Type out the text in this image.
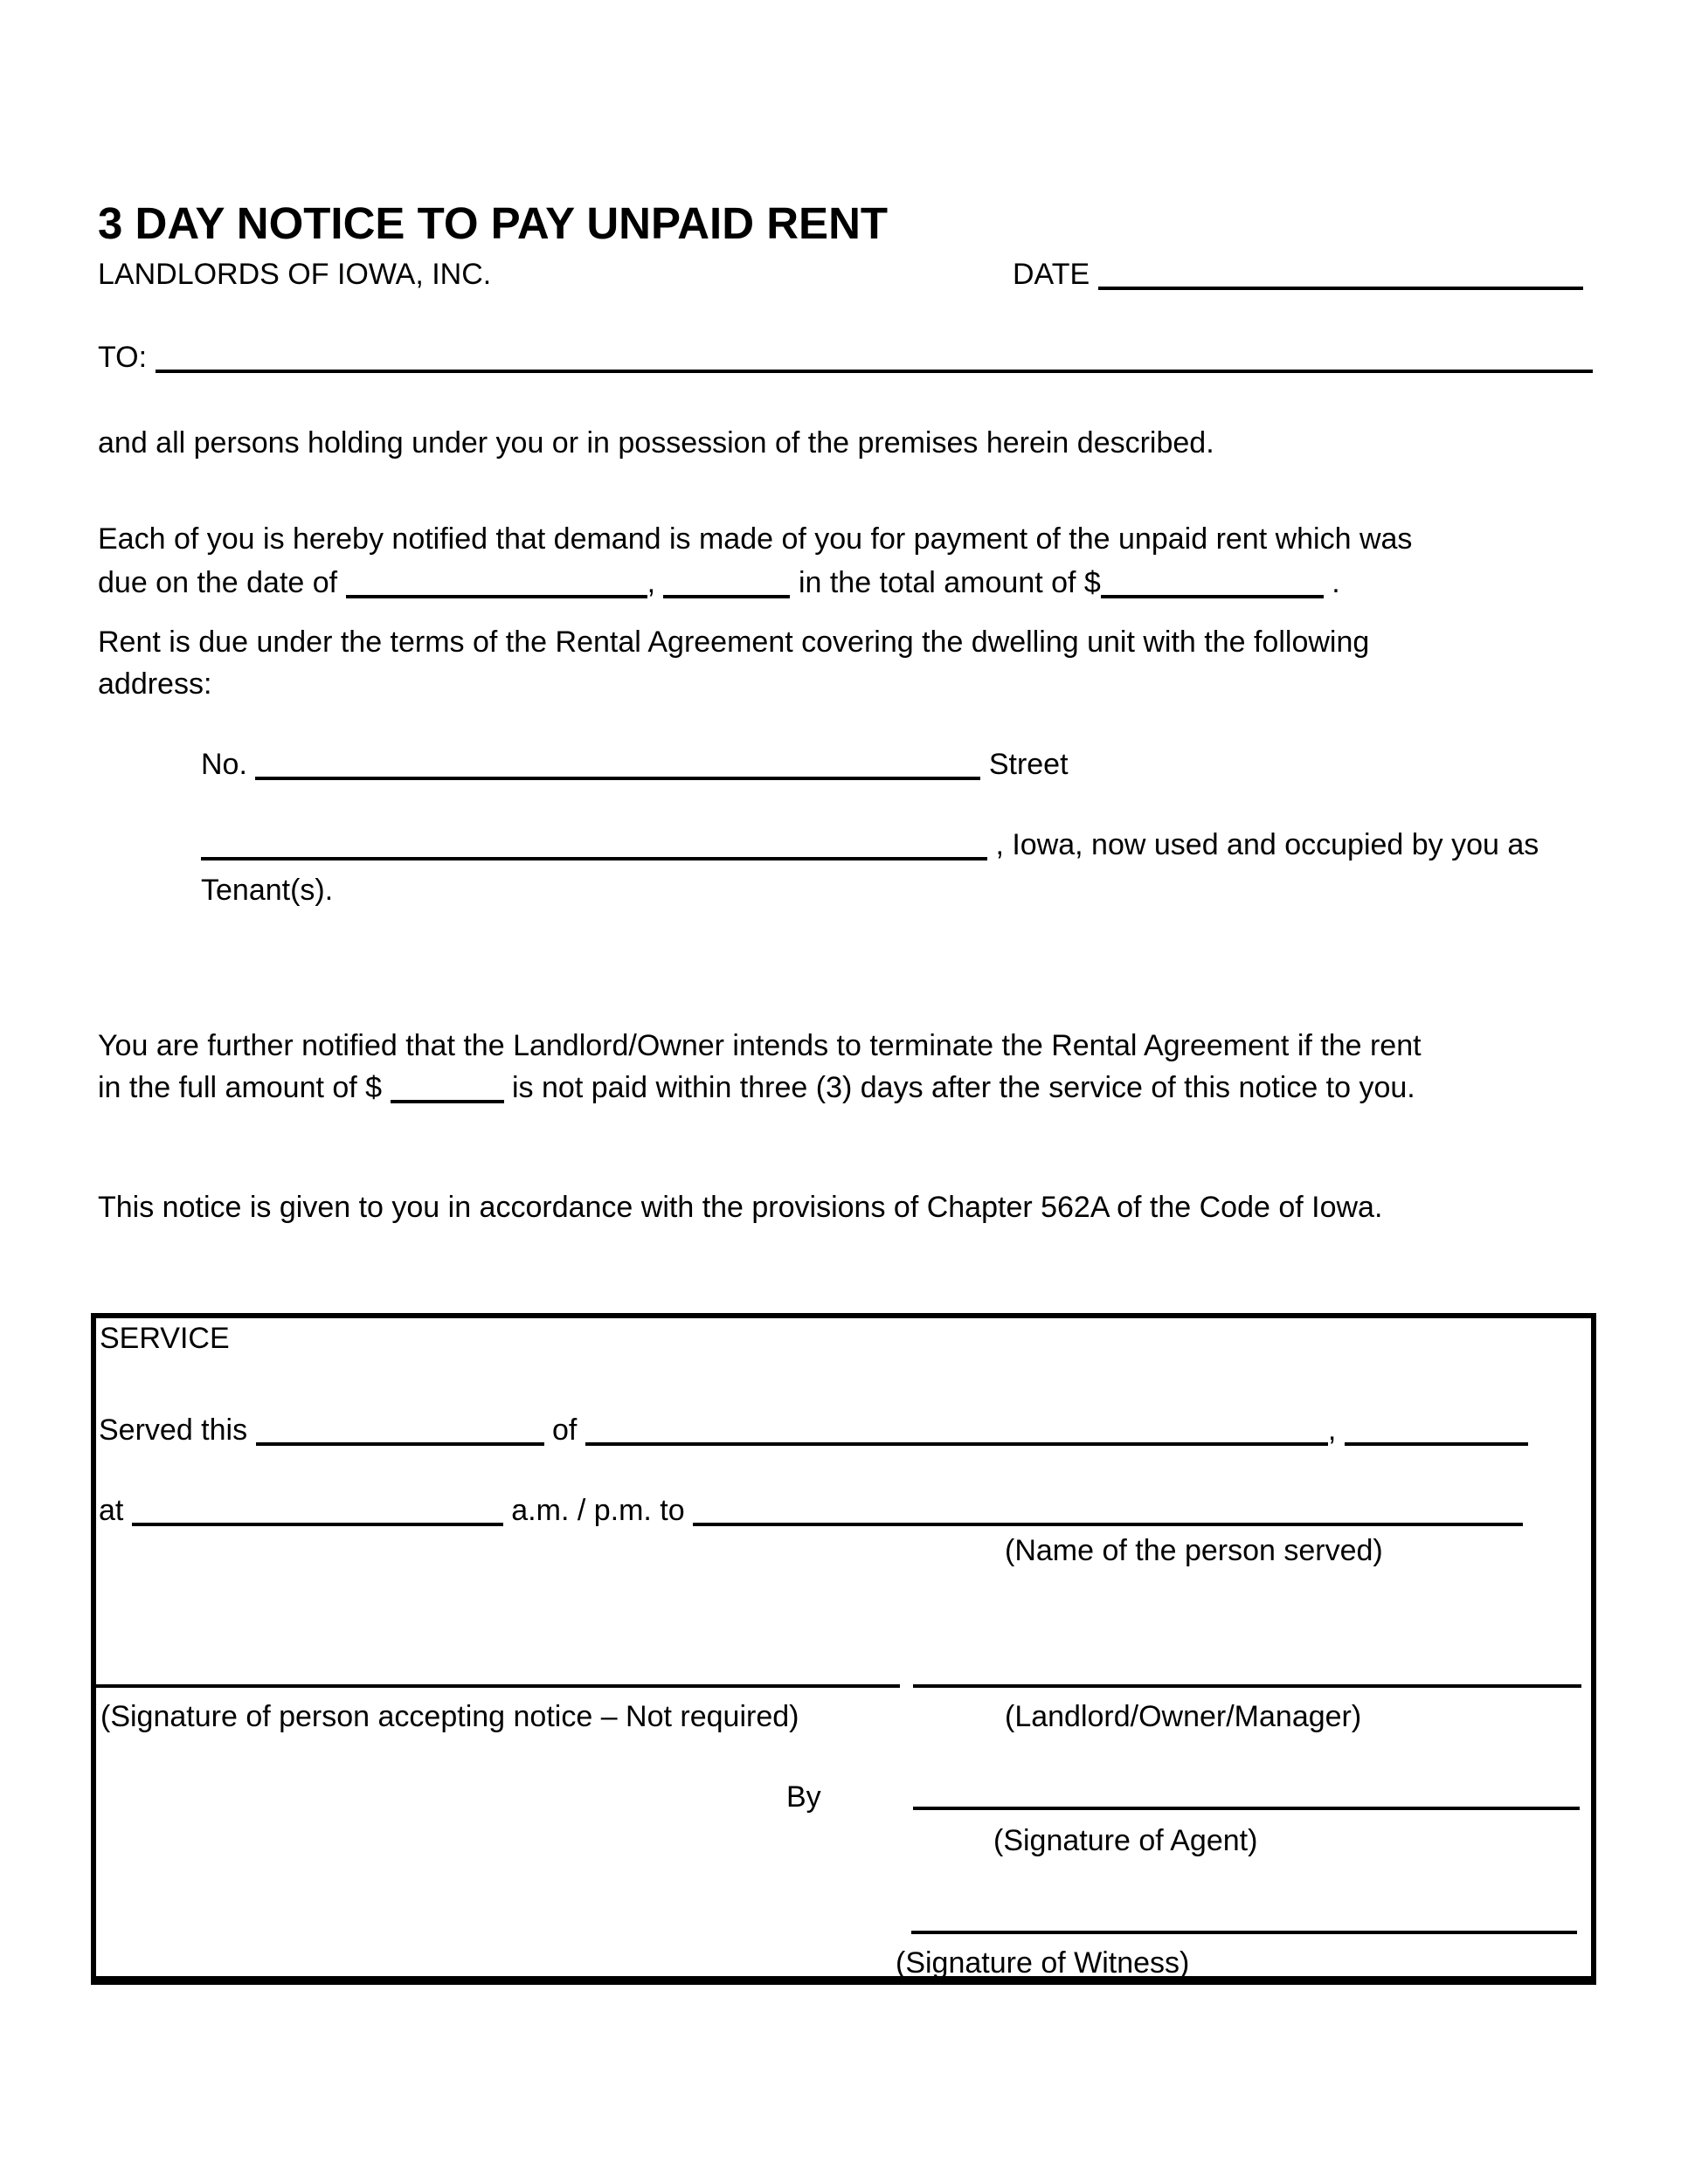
3 DAY NOTICE TO PAY UNPAID RENT
LANDLORDS OF IOWA, INC.	DATE
TO:
and all persons holding under you or in possession of the premises herein described.
Each of you is hereby notified that demand is made of you for payment of the unpaid rent which was
due on the date of	,	in the total amount of $	.
Rent is due under the terms of the Rental Agreement covering the dwelling unit with the following
address:
No.	Street
, Iowa, now used and occupied by you as
Tenant(s).
You are further notified that the Landlord/Owner intends to terminate the Rental Agreement if the rent
in the full amount of $	is not paid within three (3) days after the service of this notice to you.
This notice is given to you in accordance with the provisions of Chapter 562A of the Code of Iowa.
SERVICE
Served this	of	,
at	a.m. / p.m. to
(Name of the person served)
(Signature of person accepting notice – Not required)	(Landlord/Owner/Manager)
By
(Signature of Agent)
(Signature of Witness)
